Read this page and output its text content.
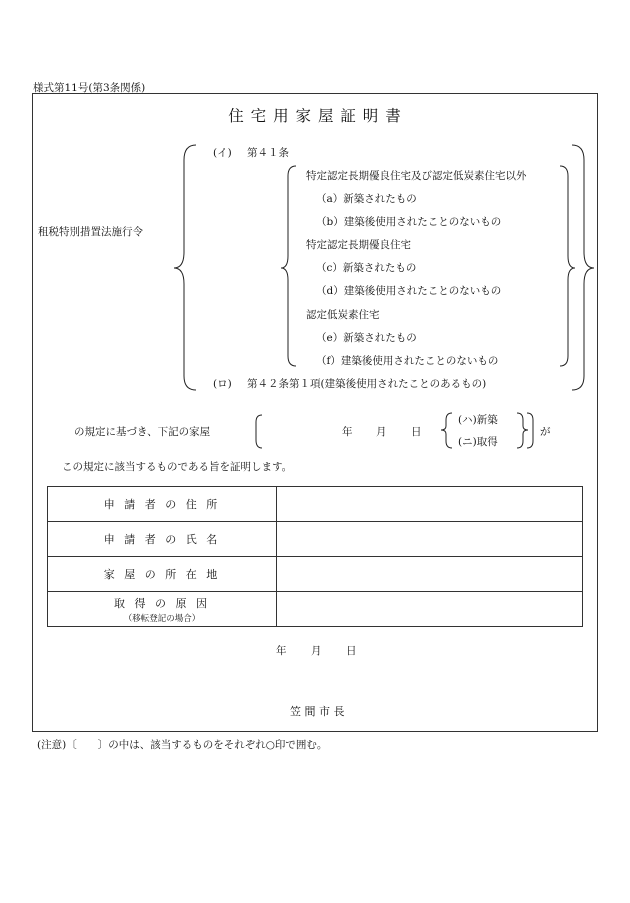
様式第11号(第3条関係)
住 宅 用 家 屋 証 明 書
租税特別措置法施行令
(イ) 第４１条
特定認定長期優良住宅及び認定低炭素住宅以外
（a）新築されたもの
（b）建築後使用されたことのないもの
特定認定長期優良住宅
（c）新築されたもの
（d）建築後使用されたことのないもの
認定低炭素住宅
（e）新築されたもの
（f）建築後使用されたことのないもの
(ロ) 第４２条第１項(建築後使用されたことのあるもの)
の規定に基づき、下記の家屋	年 月 日
(ハ)新築
(ニ)取得
が
この規定に該当するものである旨を証明します。
申 請 者 の 住 所	
申 請 者 の 氏 名	
家 屋 の 所 在 地	
取 得 の 原 因
（移転登記の場合）	

年 月 日
笠 間 市 長
(注意)〔　　〕の中は、該当するものをそれぞれ○印で囲む。
